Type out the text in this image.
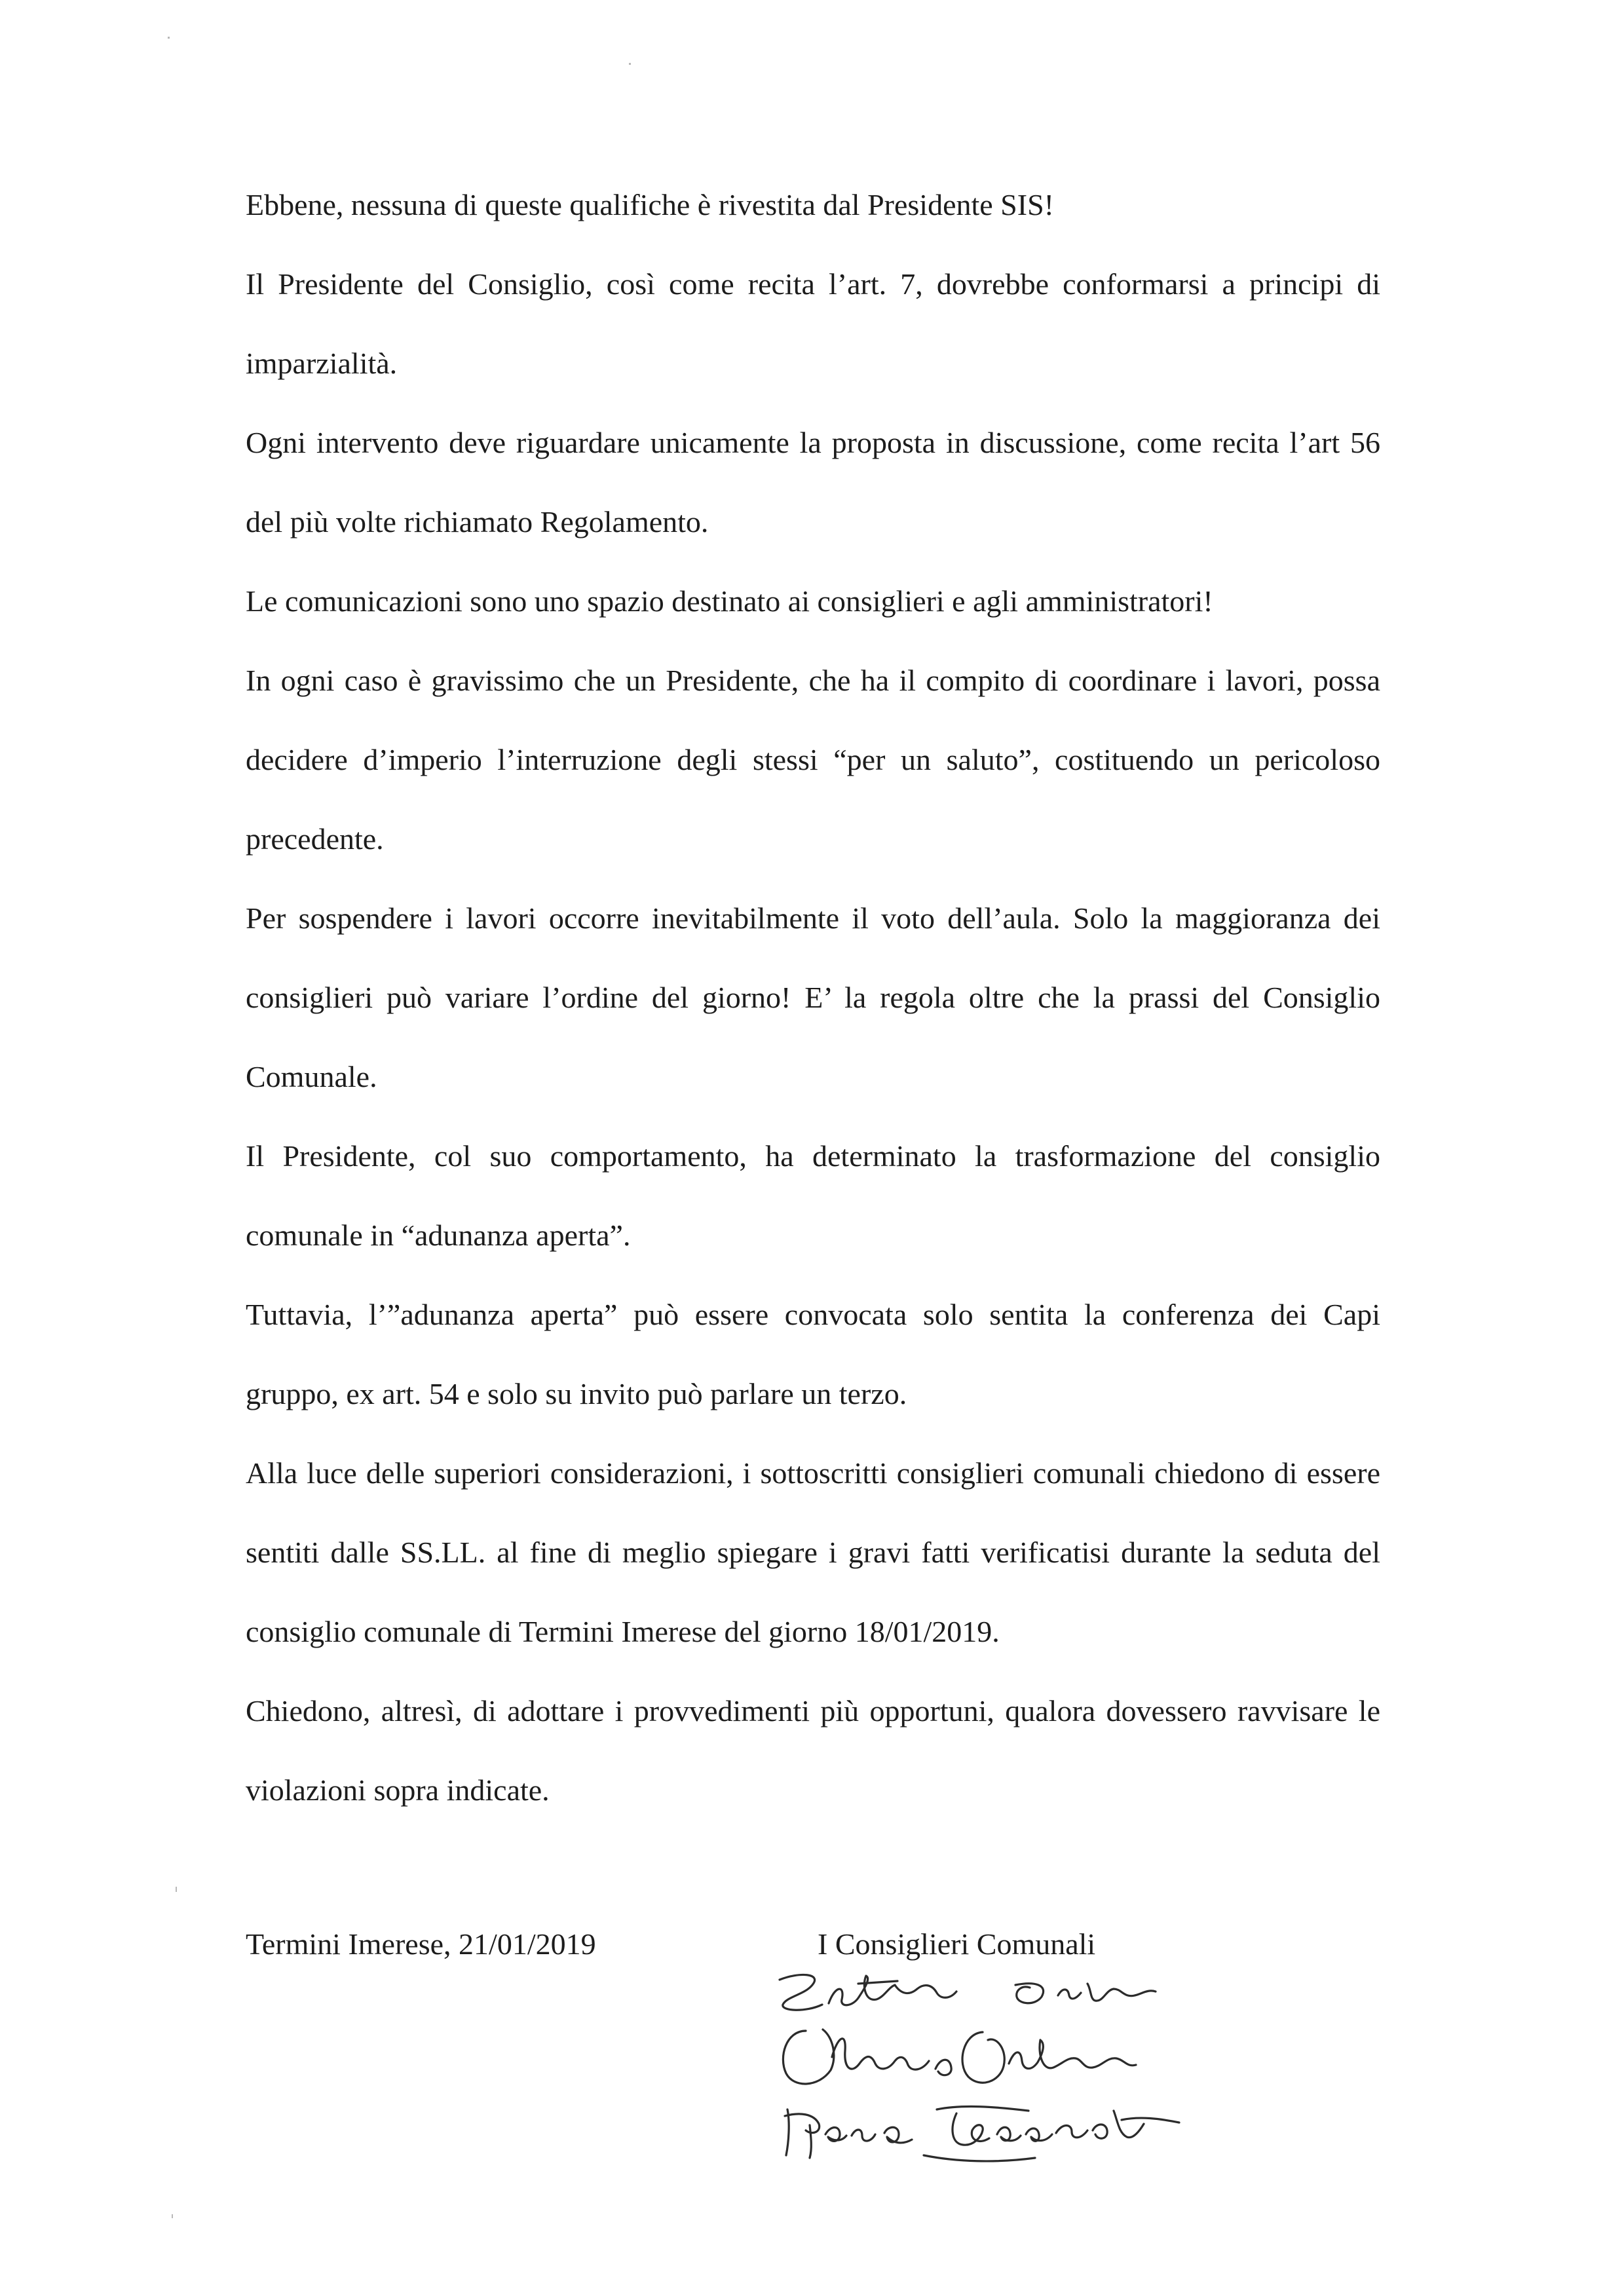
Ebbene, nessuna di queste qualifiche è rivestita dal Presidente SIS!

Il Presidente del Consiglio, così come recita l’art. 7, dovrebbe conformarsi a principi di imparzialità.

Ogni intervento deve riguardare unicamente la proposta in discussione, come recita l’art 56 del più volte richiamato Regolamento.

Le comunicazioni sono uno spazio destinato ai consiglieri e agli amministratori!

In ogni caso è gravissimo che un Presidente, che ha il compito di coordinare i lavori, possa decidere d’imperio l’interruzione degli stessi “per un saluto”, costituendo un pericoloso precedente.

Per sospendere i lavori occorre inevitabilmente il voto dell’aula. Solo la maggioranza dei consiglieri può variare l’ordine del giorno! E’ la regola oltre che la prassi del Consiglio Comunale.

Il Presidente, col suo comportamento, ha determinato la trasformazione del consiglio comunale in “adunanza aperta”.

Tuttavia, l’”adunanza aperta” può essere convocata solo sentita la conferenza dei Capi gruppo, ex art. 54 e solo su invito può parlare un terzo.

Alla luce delle superiori considerazioni, i sottoscritti consiglieri comunali chiedono di essere sentiti dalle SS.LL. al fine di meglio spiegare i gravi fatti verificatisi durante la seduta del consiglio comunale di Termini Imerese del giorno 18/01/2019.

Chiedono, altresì, di adottare i provvedimenti più opportuni, qualora dovessero ravvisare le violazioni sopra indicate.

Termini Imerese, 21/01/2019	I Consiglieri Comunali
